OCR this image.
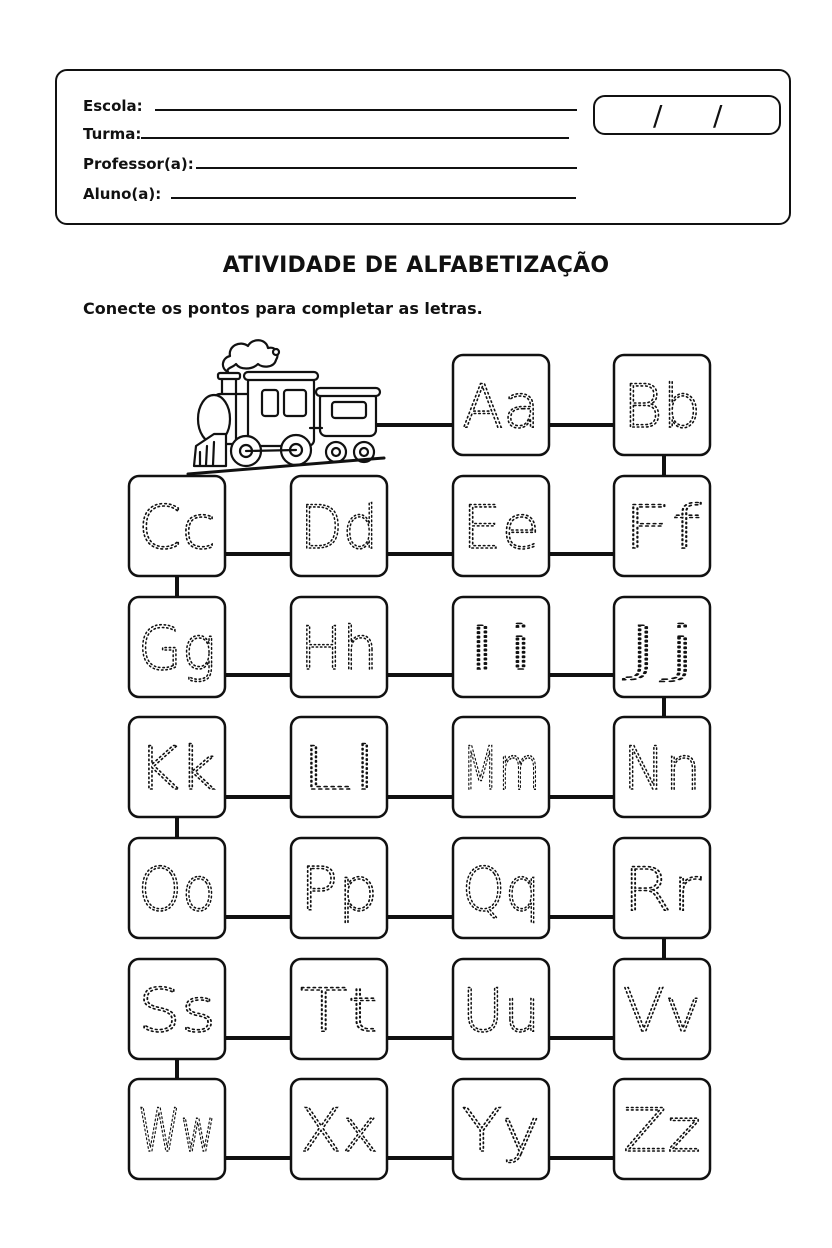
Escola:
Turma:
Professor(a):
Aluno(a):
/ /
ATIVIDADE DE ALFABETIZAÇÃO
Conecte os pontos para completar as letras.
Aa Bb
Cc Dd Ee Ff
Gg Hh Ii Jj
Kk Ll Mm Nn
Oo Pp Qq Rr
Ss Tt Uu Vv
Ww Xx Yy Zz
